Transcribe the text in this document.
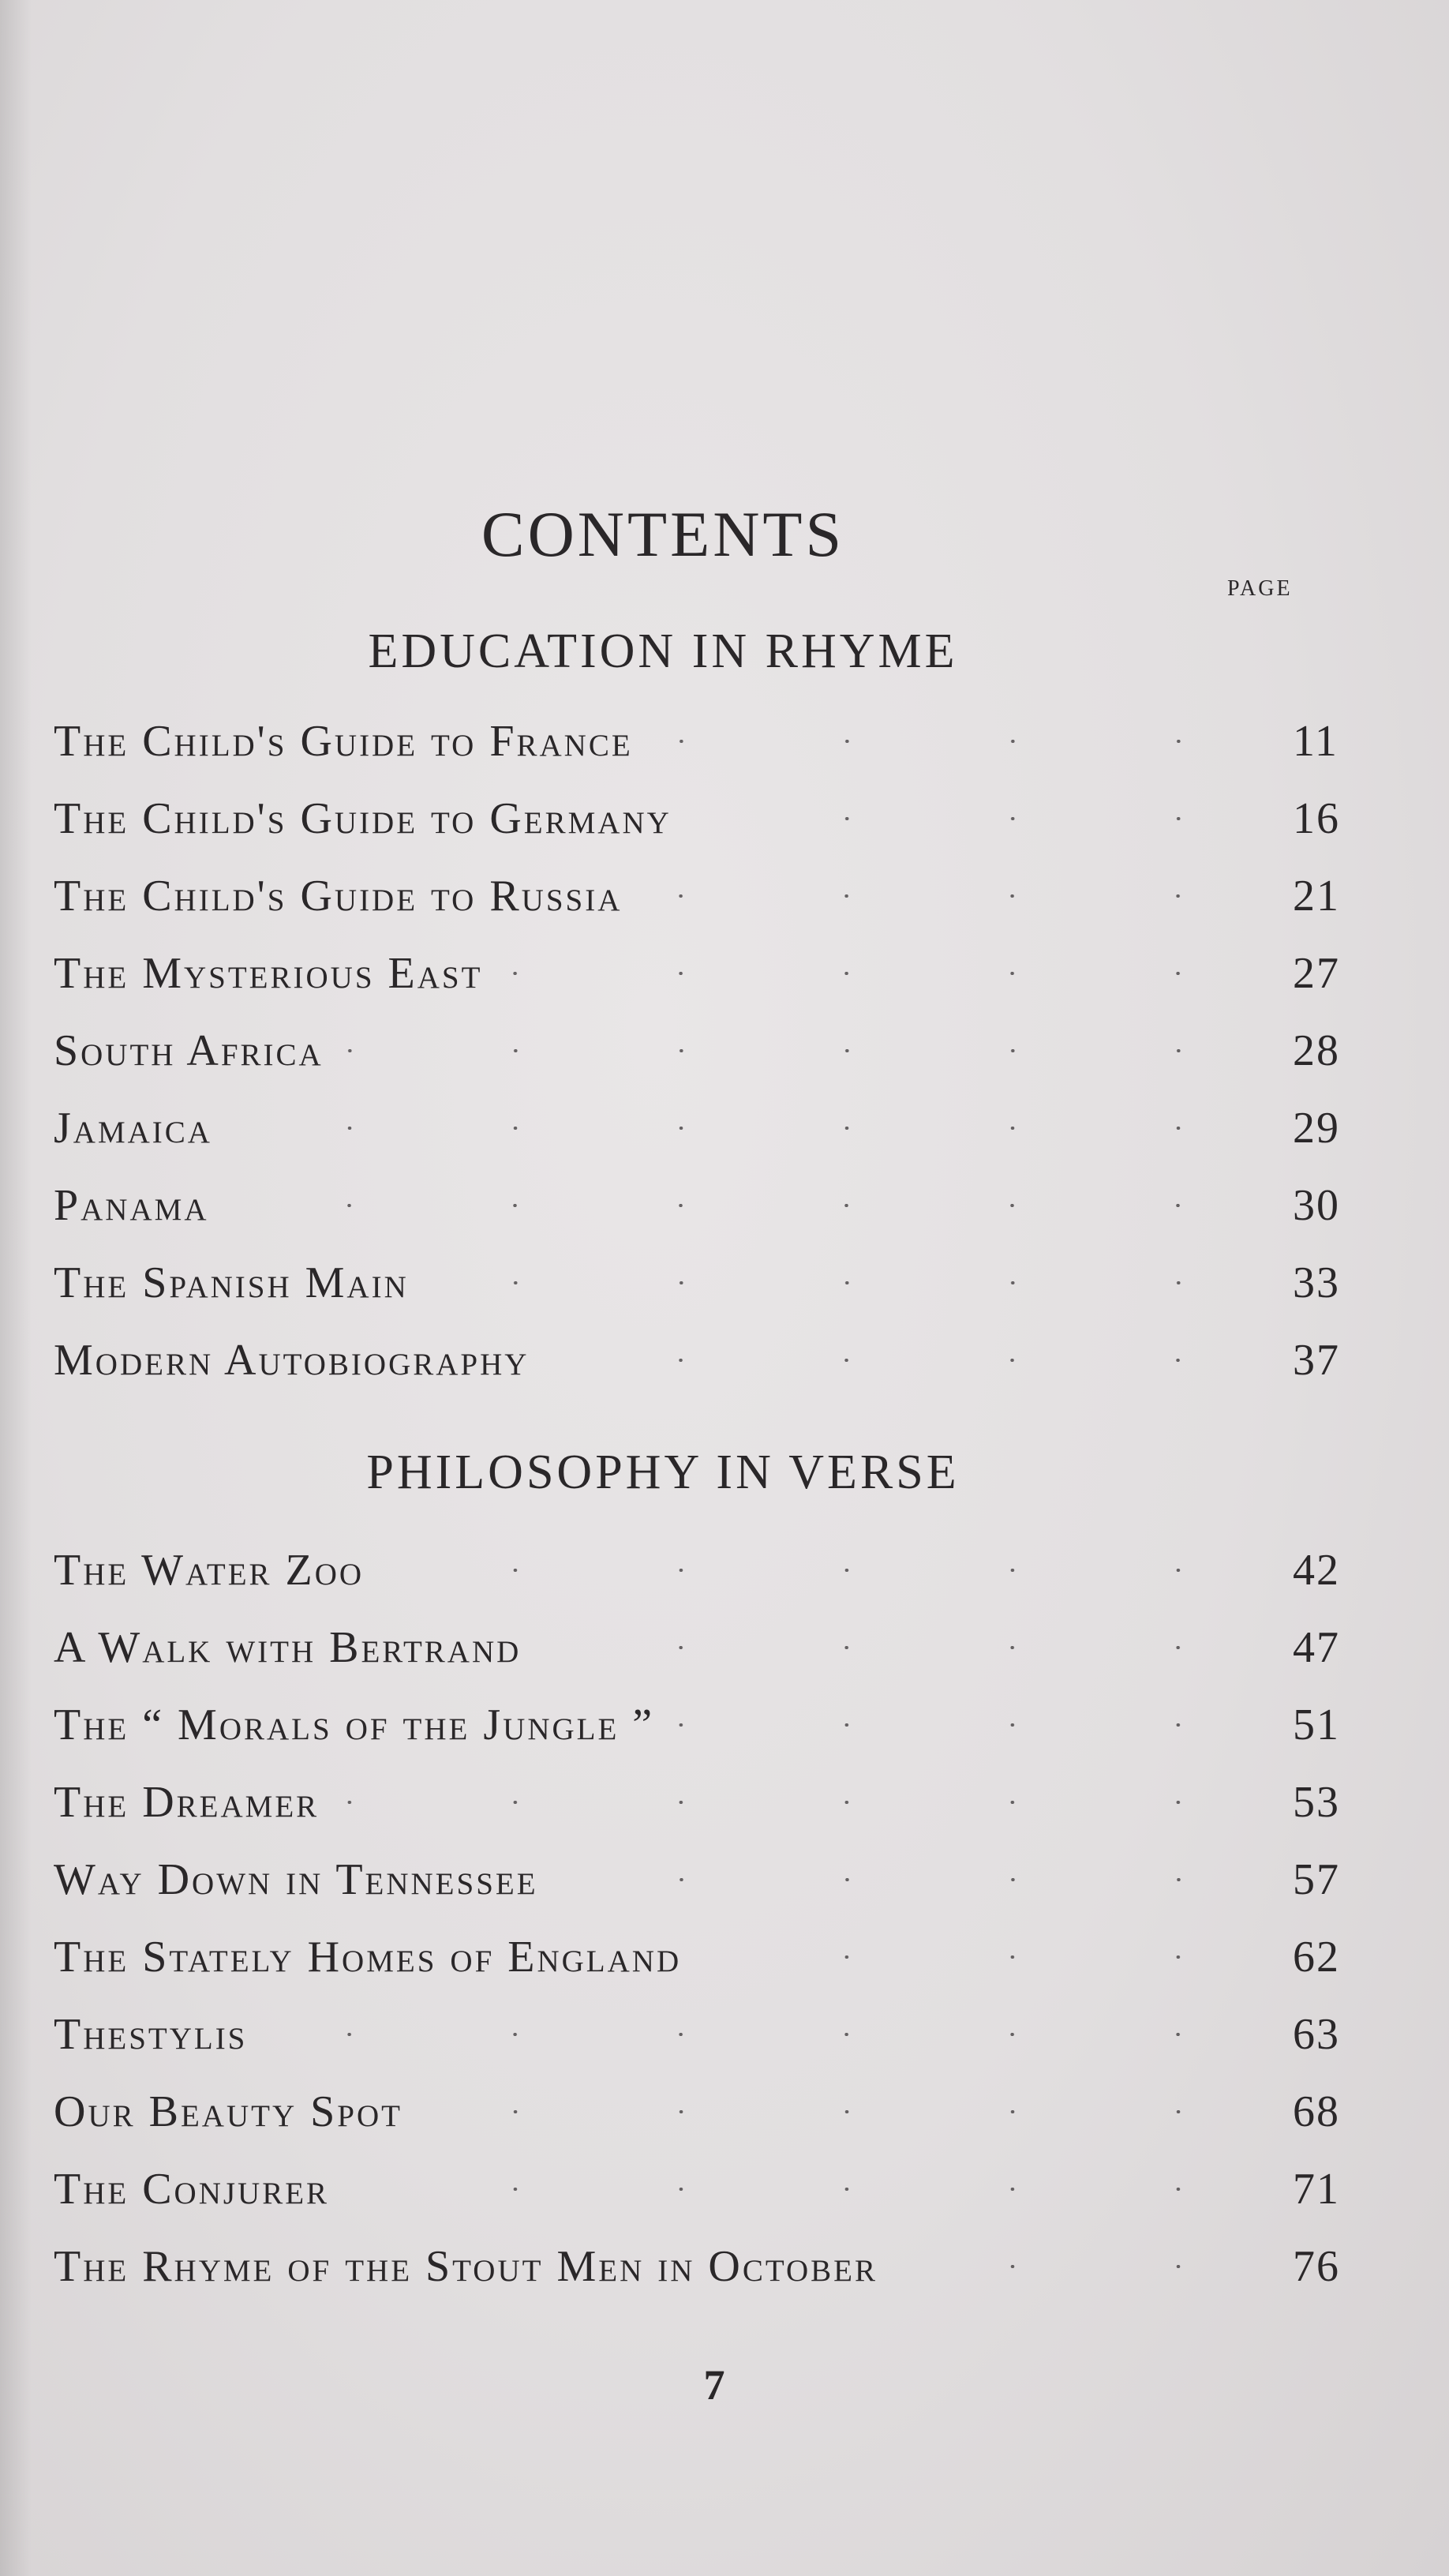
CONTENTS
PAGE
EDUCATION IN RHYME
The Child's Guide to France	11
The Child's Guide to Germany	16
The Child's Guide to Russia	21
The Mysterious East	27
South Africa	28
Jamaica	29
Panama	30
The Spanish Main	33
Modern Autobiography	37
PHILOSOPHY IN VERSE
The Water Zoo	42
A Walk with Bertrand	47
The “ Morals of the Jungle ”	51
The Dreamer	53
Way Down in Tennessee	57
The Stately Homes of England	62
Thestylis	63
Our Beauty Spot	68
The Conjurer	71
The Rhyme of the Stout Men in October	76
7
